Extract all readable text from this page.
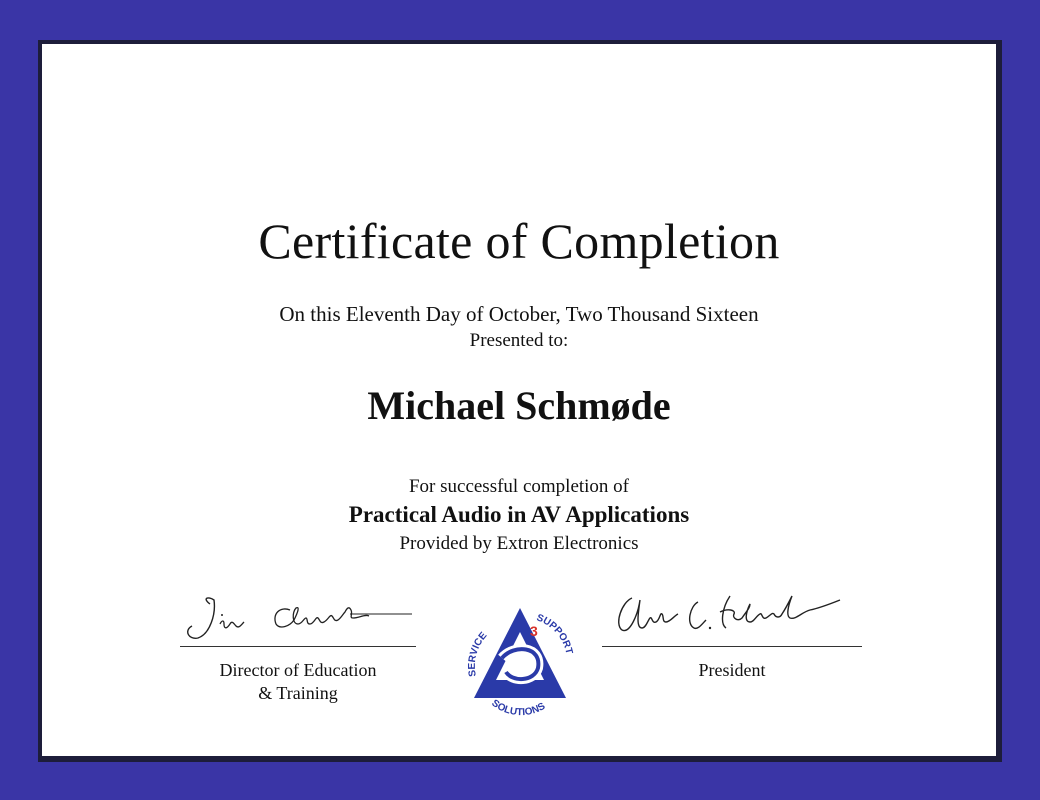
Certificate of Completion
On this Eleventh Day of October, Two Thousand Sixteen
Presented to:
Michael Schmøde
For successful completion of
Practical Audio in AV Applications
Provided by Extron Electronics
Director of Education
& Training
3
SERVICE
SUPPORT
SOLUTIONS
President
